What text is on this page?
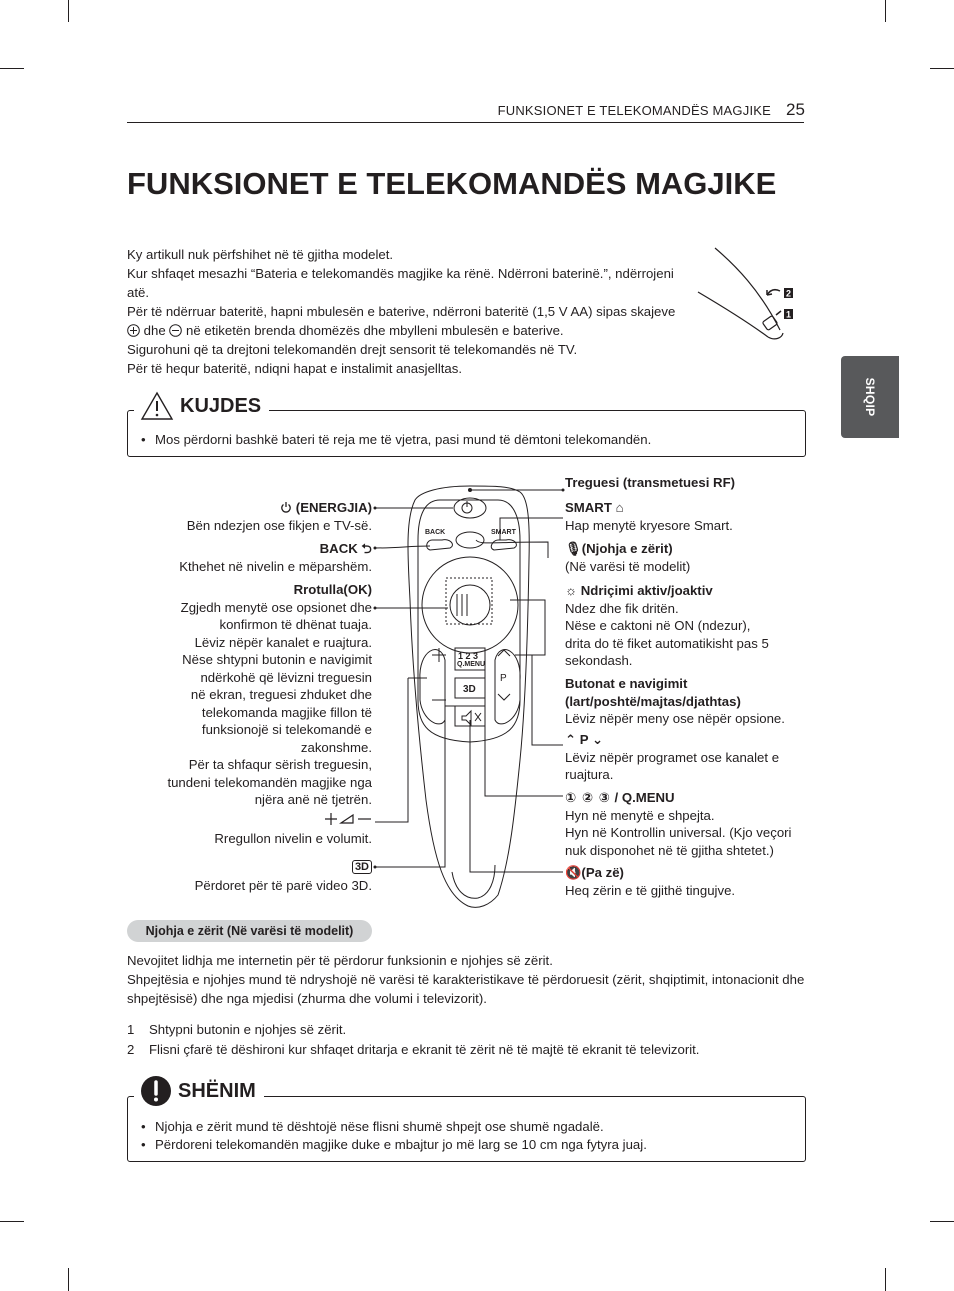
FUNKSIONET E TELEKOMANDËS MAGJIKE 25
FUNKSIONET E TELEKOMANDËS MAGJIKE
SHQIP

Ky artikull nuk përfshihet në të gjitha modelet.

Kur shfaqet mesazhi “Bateria e telekomandës magjike ka rënë. Ndërroni baterinë.”, ndërrojeni atë.

Për të ndërruar bateritë, hapni mbulesën e baterive, ndërroni bateritë (1,5 V AA) sipas skajeve  dhe në etiketën brenda dhomëzës dhe mbylleni mbulesën e baterive.

Sigurohuni që ta drejtoni telekomandën drejt sensorit të telekomandës në TV.

Për të hequr bateritë, ndiqni hapat e instalimit anasjelltas.

2
1
KUJDES
• Mos përdorni bashkë bateri të reja me të vjetra, pasi mund të dëmtoni telekomandën.
BACK	SMART
Q.MENU
1 2 3
P
3D
(ENERGJIA)
Bën ndezjen ose fikjen e TV-së.
BACK ⮌
Kthehet në nivelin e mëparshëm.
Rrotulla(OK)
Zgjedh menytë ose opsionet dhe
konfirmon të dhënat tuaja.
Lëviz nëpër kanalet e ruajtura.
Nëse shtypni butonin e navigimit
ndërkohë që lëvizni treguesin
në ekran, treguesi zhduket dhe
telekomanda magjike fillon të
funksionojë si telekomandë e
zakonshme.
Për ta shfaqur sërish treguesin,
tundeni telekomandën magjike nga
njëra anë në tjetrën.

Rregullon nivelin e volumit.
3D
Përdoret për të parë video 3D.
Treguesi (transmetuesi RF)
SMART ⌂
Hap menytë kryesore Smart.
🎙(Njohja e zërit)
(Në varësi të modelit)
☼ Ndriçimi aktiv/joaktiv
Ndez dhe fik dritën.
Nëse e caktoni në ON (ndezur),
drita do të fiket automatikisht pas 5
sekondash.
Butonat e navigimit
(lart/poshtë/majtas/djathtas)
Lëviz nëpër meny ose nëpër opsione.
⌃ P ⌄
Lëviz nëpër programet ose kanalet e
ruajtura.
① ② ③ / Q.MENU
Hyn në menytë e shpejta.
Hyn në Kontrollin universal. (Kjo veçori
nuk disponohet në të gjitha shtetet.)
🔇(Pa zë)
Heq zërin e të gjithë tingujve.
Njohja e zërit (Në varësi të modelit)

Nevojitet lidhja me internetin për të përdorur funksionin e njohjes së zërit.

Shpejtësia e njohjes mund të ndryshojë në varësi të karakteristikave të përdoruesit (zërit, shqiptimit, intonacionit dhe shpejtësisë) dhe nga mjedisi (zhurma dhe volumi i televizorit).

1	Shtypni butonin e njohjes së zërit.
2	Flisni çfarë të dëshironi kur shfaqet dritarja e ekranit të zërit në të majtë të ekranit të televizorit.
SHËNIM
• Njohja e zërit mund të dështojë nëse flisni shumë shpejt ose shumë ngadalë.
• Përdoreni telekomandën magjike duke e mbajtur jo më larg se 10 cm nga fytyra juaj.
